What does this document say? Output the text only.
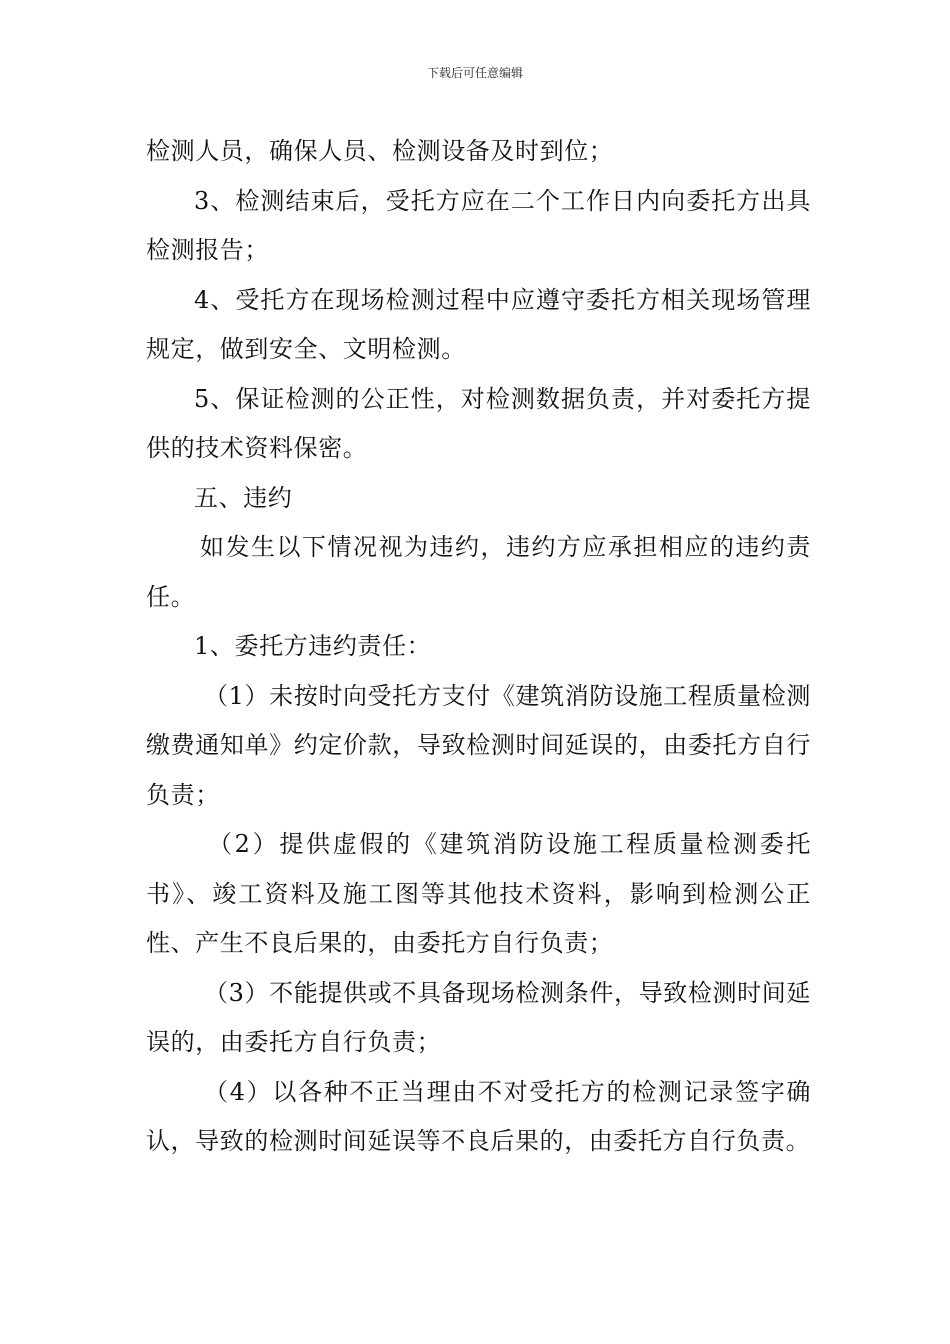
下载后可任意编辑

检测人员，确保人员、检测设备及时到位；

3、检测结束后，受托方应在二个工作日内向委托方出具检测报告；

4、受托方在现场检测过程中应遵守委托方相关现场管理规定，做到安全、文明检测。

5、保证检测的公正性，对检测数据负责，并对委托方提供的技术资料保密。

五、违约

如发生以下情况视为违约，违约方应承担相应的违约责任。

1、委托方违约责任：

（1）未按时向受托方支付《建筑消防设施工程质量检测缴费通知单》约定价款，导致检测时间延误的，由委托方自行负责；

（2）提供虚假的《建筑消防设施工程质量检测委托书》、竣工资料及施工图等其他技术资料，影响到检测公正性、产生不良后果的，由委托方自行负责；

（3）不能提供或不具备现场检测条件，导致检测时间延误的，由委托方自行负责；

（4）以各种不正当理由不对受托方的检测记录签字确认，导致的检测时间延误等不良后果的，由委托方自行负责。
